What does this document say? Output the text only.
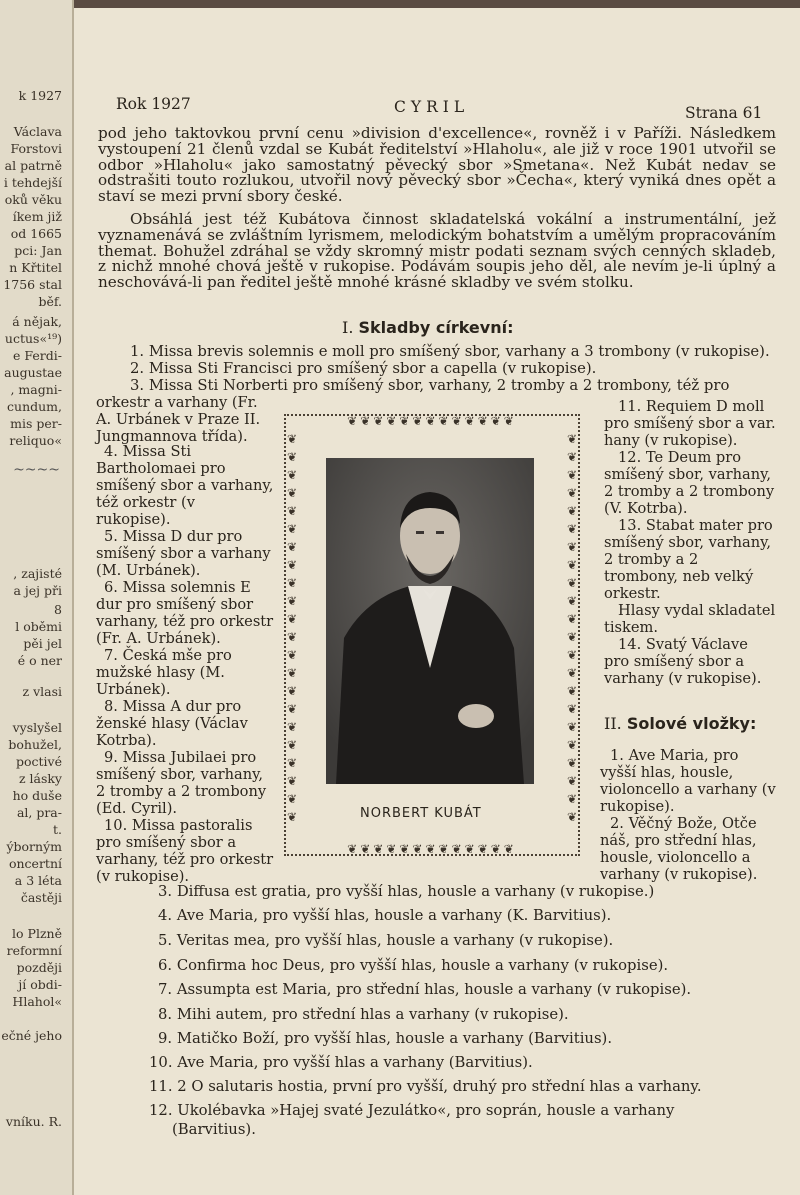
k 1927
Václava
Forstovi
al patrně
i tehdejší
oků věku
íkem již
od 1665
pci: Jan
n Křtitel
1756 stal
běf.
á nějak,
uctus«¹⁹)
e Ferdi-
augustae
, magni-
cundum,
mis per-
reliquo«
~~~~
, zajisté
a jej při
8
l oběmi
pěi jel
é o ner
z vlasi
vyslyšel
bohužel,
poctivé
z lásky
ho duše
al, pra-
t.
ýborným
oncertní
a 3 léta
častěji
lo Plzně
reformní
později
jí obdi-
Hlahol«
ečné jeho
vníku. R.
Rok 1927	CYRIL	Strana 61

pod jeho taktovkou první cenu »division d'excellence«, rovněž i v Paříži. Následkem vystoupení 21 členů vzdal se Kubát ředitelství »Hlaholu«, ale již v roce 1901 utvořil se odbor »Hlaholu« jako samostatný pěvecký sbor »Smetana«. Než Kubát nedav se odstrašiti touto rozlukou, utvořil nový pěvecký sbor »Čecha«, který vyniká dnes opět a staví se mezi první sbory české.

Obsáhlá jest též Kubátova činnost skladatelská vokální a instrumentální, jež vyznamenává se zvláštním lyrismem, melodickým bohatstvím a umělým propracováním themat. Bohužel zdráhal se vždy skromný mistr podati seznam svých cenných skladeb, z nichž mnohé chová ještě v rukopise. Podávám soupis jeho děl, ale nevím je-li úplný a neschovává-li pan ředitel ještě mnohé krásné skladby ve svém stolku.

I. Skladby církevní:
1. Missa brevis solemnis e moll pro smíšený sbor, varhany a 3 trombony (v rukopise).
2. Missa Sti Francisci pro smíšený sbor a capella (v rukopise).
3. Missa Sti Norberti pro smíšený sbor, varhany, 2 tromby a 2 trombony, též pro

orkestr a varhany (Fr. A. Urbánek v Praze II. Jungmannova třída).

4. Missa Sti Bartholomaei pro smíšený sbor a varhany, též orkestr (v rukopise).

5. Missa D dur pro smíšený sbor a varhany (M. Urbánek).

6. Missa solemnis E dur pro smíšený sbor varhany, též pro orkestr (Fr. A. Urbánek).

7. Česká mše pro mužské hlasy (M. Urbánek).

8. Missa A dur pro ženské hlasy (Václav Kotrba).

9. Missa Jubilaei pro smíšený sbor, varhany, 2 tromby a 2 trombony (Ed. Cyril).

10. Missa pastoralis pro smíšený sbor a varhany, též pro orkestr (v rukopise).

11. Requiem D moll pro smíšený sbor a var. hany (v rukopise).

12. Te Deum pro smíšený sbor, varhany, 2 tromby a 2 trombony (V. Kotrba).

13. Stabat mater pro smíšený sbor, varhany, 2 tromby a 2 trombony, neb velký orkestr.

Hlasy vydal skladatel tiskem.

14. Svatý Václave pro smíšený sbor a varhany (v rukopise).

❦❦❦❦❦❦❦❦❦❦❦❦❦
❦❦❦❦❦❦❦❦❦❦❦❦❦❦❦❦❦❦❦❦❦❦
❦❦❦❦❦❦❦❦❦❦❦❦❦❦❦❦❦❦❦❦❦❦
❦❦❦❦❦❦❦❦❦❦❦❦❦
NORBERT KUBÁT
II. Solové vložky:

1. Ave Maria, pro vyšší hlas, housle, violoncello a varhany (v rukopise).

2. Věčný Bože, Otče náš, pro střední hlas, housle, violoncello a varhany (v rukopise).

3. Diffusa est gratia, pro vyšší hlas, housle a varhany (v rukopise.)
4. Ave Maria, pro vyšší hlas, housle a varhany (K. Barvitius).
5. Veritas mea, pro vyšší hlas, housle a varhany (v rukopise).
6. Confirma hoc Deus, pro vyšší hlas, housle a varhany (v rukopise).
7. Assumpta est Maria, pro střední hlas, housle a varhany (v rukopise).
8. Mihi autem, pro střední hlas a varhany (v rukopise).
9. Matičko Boží, pro vyšší hlas, housle a varhany (Barvitius).
10. Ave Maria, pro vyšší hlas a varhany (Barvitius).
11. 2 O salutaris hostia, první pro vyšší, druhý pro střední hlas a varhany.
12. Ukolébavka »Hajej svaté Jezulátko«, pro soprán, housle a varhany
(Barvitius).
